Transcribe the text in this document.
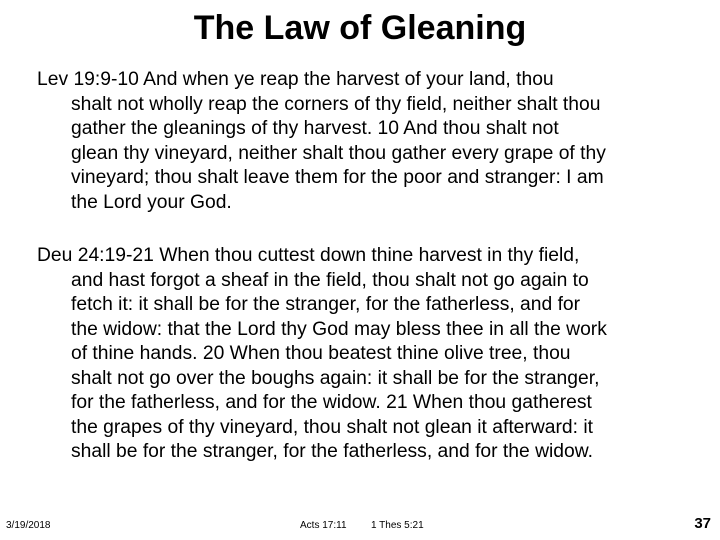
The Law of Gleaning
Lev 19:9-10 And when ye reap the harvest of your land, thou
shalt not wholly reap the corners of thy field, neither shalt thou
gather the gleanings of thy harvest. 10 And thou shalt not
glean thy vineyard, neither shalt thou gather every grape of thy
vineyard; thou shalt leave them for the poor and stranger: I am
the Lord your God.
Deu 24:19-21 When thou cuttest down thine harvest in thy field,
and hast forgot a sheaf in the field, thou shalt not go again to
fetch it: it shall be for the stranger, for the fatherless, and for
the widow: that the Lord thy God may bless thee in all the work
of thine hands. 20 When thou beatest thine olive tree, thou
shalt not go over the boughs again: it shall be for the stranger,
for the fatherless, and for the widow. 21 When thou gatherest
the grapes of thy vineyard, thou shalt not glean it afterward: it
shall be for the stranger, for the fatherless, and for the widow.
3/19/2018	Acts 17:11 1 Thes 5:21	37
